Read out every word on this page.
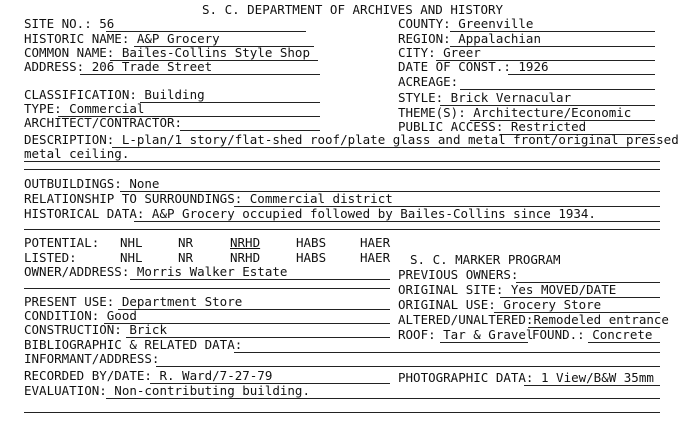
S. C. DEPARTMENT OF ARCHIVES AND HISTORY
SITE NO.: 56
HISTORIC NAME: A&P Grocery
COMMON NAME: Bailes-Collins Style Shop
ADDRESS: 206 Trade Street
COUNTY: Greenville
REGION: Appalachian
CITY: Greer
DATE OF CONST.: 1926
ACREAGE:
CLASSIFICATION: Building
TYPE: Commercial
ARCHITECT/CONTRACTOR:
STYLE: Brick Vernacular
THEME(S): Architecture/Economic
PUBLIC ACCESS: Restricted
DESCRIPTION: L-plan/1 story/flat-shed roof/plate glass and metal front/original pressed
metal ceiling.
OUTBUILDINGS: None
RELATIONSHIP TO SURROUNDINGS: Commercial district
HISTORICAL DATA: A&P Grocery occupied followed by Bailes-Collins since 1934.
POTENTIAL: NHL	NR	NRHD	HABS	HAER
LISTED:	NHL	NR	NRHD	HABS	HAER S. C. MARKER PROGRAM
OWNER/ADDRESS: Morris Walker Estate	PREVIOUS OWNERS:
ORIGINAL SITE: Yes MOVED/DATE
ORIGINAL USE: Grocery Store
ALTERED/UNALTERED:Remodeled entrance
ROOF: Tar & Gravel
FOUND.: Concrete
PRESENT USE: Department Store
CONDITION: Good
CONSTRUCTION: Brick
BIBLIOGRAPHIC & RELATED DATA:
INFORMANT/ADDRESS:
RECORDED BY/DATE: R. Ward/7-27-79	PHOTOGRAPHIC DATA: 1 View/B&W 35mm
EVALUATION: Non-contributing building.
